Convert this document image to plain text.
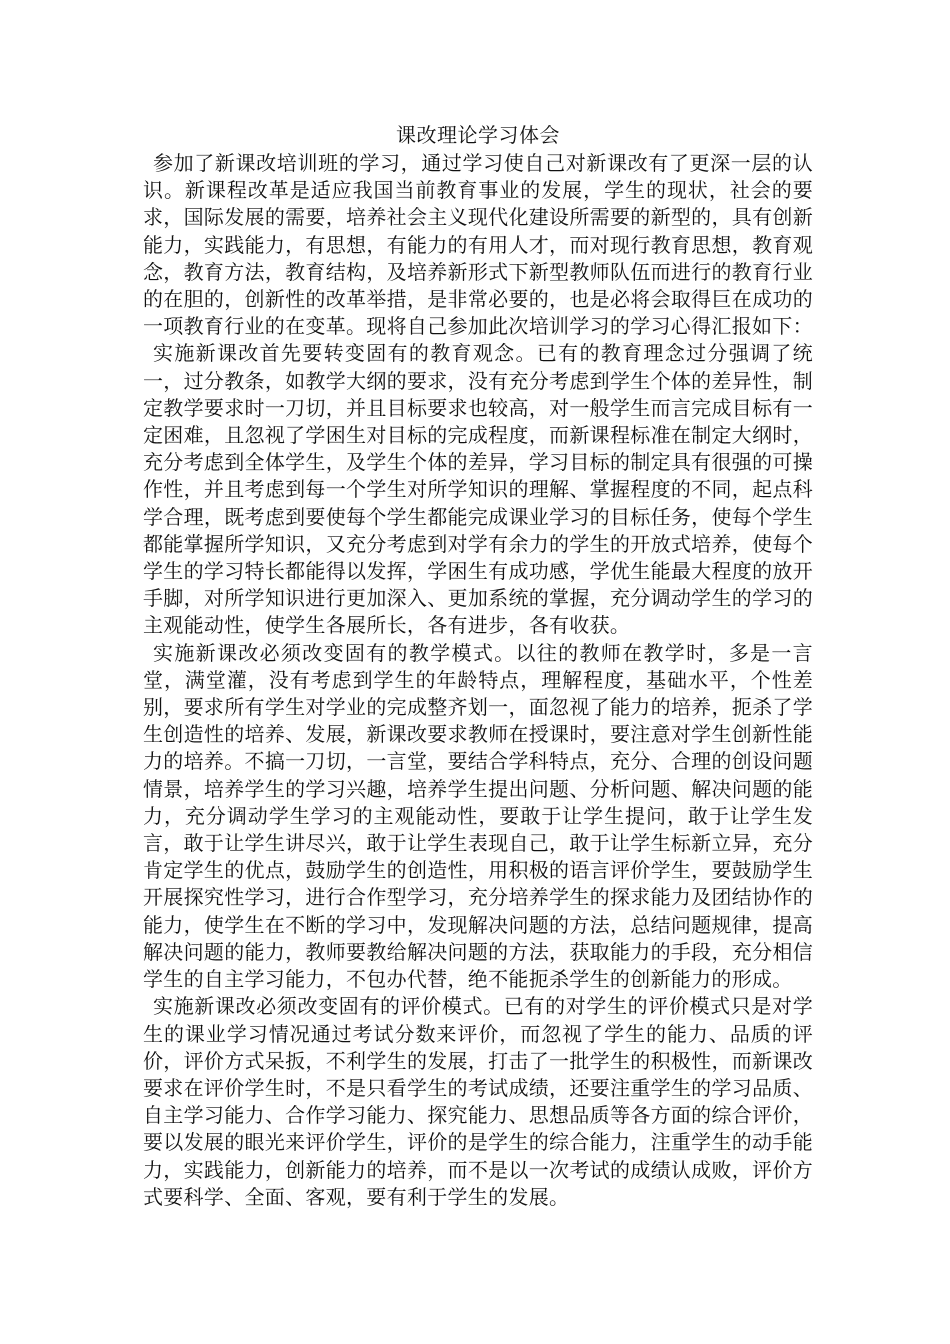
课改理论学习体会

参加了新课改培训班的学习，通过学习使自己对新课改有了更深一层的认识。新课程改革是适应我国当前教育事业的发展，学生的现状，社会的要求，国际发展的需要，培养社会主义现代化建设所需要的新型的，具有创新能力，实践能力，有思想，有能力的有用人才，而对现行教育思想，教育观念，教育方法，教育结构，及培养新形式下新型教师队伍而进行的教育行业的在胆的，创新性的改革举措，是非常必要的，也是必将会取得巨在成功的一项教育行业的在变革。现将自己参加此次培训学习的学习心得汇报如下：

实施新课改首先要转变固有的教育观念。已有的教育理念过分强调了统一，过分教条，如教学大纲的要求，没有充分考虑到学生个体的差异性，制定教学要求时一刀切，并且目标要求也较高，对一般学生而言完成目标有一定困难，且忽视了学困生对目标的完成程度，而新课程标准在制定大纲时，充分考虑到全体学生，及学生个体的差异，学习目标的制定具有很强的可操作性，并且考虑到每一个学生对所学知识的理解、掌握程度的不同，起点科学合理，既考虑到要使每个学生都能完成课业学习的目标任务，使每个学生都能掌握所学知识，又充分考虑到对学有余力的学生的开放式培养，使每个学生的学习特长都能得以发挥，学困生有成功感，学优生能最大程度的放开手脚，对所学知识进行更加深入、更加系统的掌握，充分调动学生的学习的主观能动性，使学生各展所长，各有进步，各有收获。

实施新课改必须改变固有的教学模式。以往的教师在教学时，多是一言堂，满堂灌，没有考虑到学生的年龄特点，理解程度，基础水平，个性差别，要求所有学生对学业的完成整齐划一，面忽视了能力的培养，扼杀了学生创造性的培养、发展，新课改要求教师在授课时，要注意对学生创新性能力的培养。不搞一刀切，一言堂，要结合学科特点，充分、合理的创设问题情景，培养学生的学习兴趣，培养学生提出问题、分析问题、解决问题的能力，充分调动学生学习的主观能动性，要敢于让学生提问，敢于让学生发言，敢于让学生讲尽兴，敢于让学生表现自己，敢于让学生标新立异，充分肯定学生的优点，鼓励学生的创造性，用积极的语言评价学生，要鼓励学生开展探究性学习，进行合作型学习，充分培养学生的探求能力及团结协作的能力，使学生在不断的学习中，发现解决问题的方法，总结问题规律，提高解决问题的能力，教师要教给解决问题的方法，获取能力的手段，充分相信学生的自主学习能力，不包办代替，绝不能扼杀学生的创新能力的形成。

实施新课改必须改变固有的评价模式。已有的对学生的评价模式只是对学生的课业学习情况通过考试分数来评价，而忽视了学生的能力、品质的评价，评价方式呆扳，不利学生的发展，打击了一批学生的积极性，而新课改要求在评价学生时，不是只看学生的考试成绩，还要注重学生的学习品质、自主学习能力、合作学习能力、探究能力、思想品质等各方面的综合评价，要以发展的眼光来评价学生，评价的是学生的综合能力，注重学生的动手能力，实践能力，创新能力的培养，而不是以一次考试的成绩认成败，评价方式要科学、全面、客观，要有利于学生的发展。
